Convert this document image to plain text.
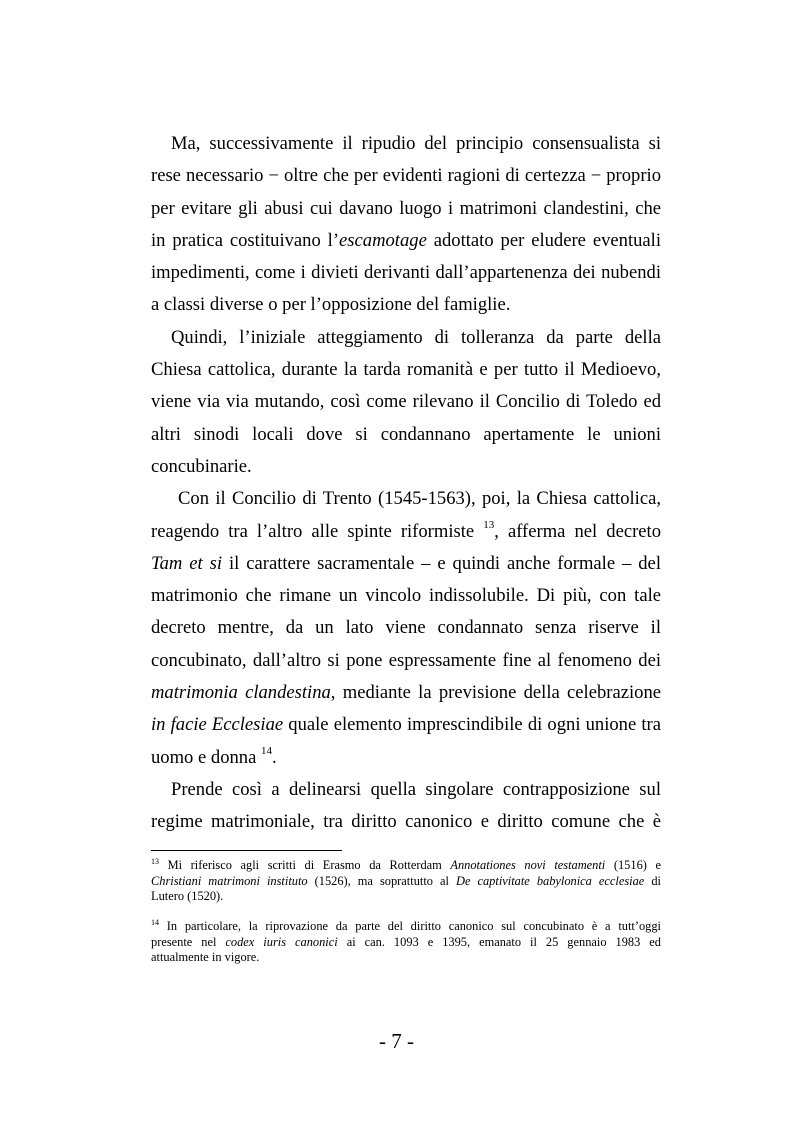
Ma, successivamente il ripudio del principio consensualista si
rese necessario − oltre che per evidenti ragioni di certezza − proprio
per evitare gli abusi cui davano luogo i matrimoni clandestini, che
in pratica costituivano l’escamotage adottato per eludere eventuali
impedimenti, come i divieti derivanti dall’appartenenza dei nubendi
a classi diverse o per l’opposizione del famiglie.
Quindi, l’iniziale atteggiamento di tolleranza da parte della
Chiesa cattolica, durante la tarda romanità e per tutto il Medioevo,
viene via via mutando, così come rilevano il Concilio di Toledo ed
altri sinodi locali dove si condannano apertamente le unioni
concubinarie.
Con il Concilio di Trento (1545-1563), poi, la Chiesa cattolica,
reagendo tra l’altro alle spinte riformiste $^{13}$, afferma nel decreto
Tam et si il carattere sacramentale – e quindi anche formale – del
matrimonio che rimane un vincolo indissolubile. Di più, con tale
decreto mentre, da un lato viene condannato senza riserve il
concubinato, dall’altro si pone espressamente fine al fenomeno dei
matrimonia clandestina, mediante la previsione della celebrazione
in facie Ecclesiae quale elemento imprescindibile di ogni unione tra
uomo e donna $^{14}$.
Prende così a delinearsi quella singolare contrapposizione sul
regime matrimoniale, tra diritto canonico e diritto comune che è
$^{13}$ Mi riferisco agli scritti di Erasmo da Rotterdam Annotationes novi testamenti (1516) e
Christiani matrimoni instituto (1526), ma soprattutto al De captivitate babylonica ecclesiae di
Lutero (1520).
$^{14}$ In particolare, la riprovazione da parte del diritto canonico sul concubinato è a tutt’oggi
presente nel codex iuris canonici ai can. 1093 e 1395, emanato il 25 gennaio 1983 ed
attualmente in vigore.
- 7 -
